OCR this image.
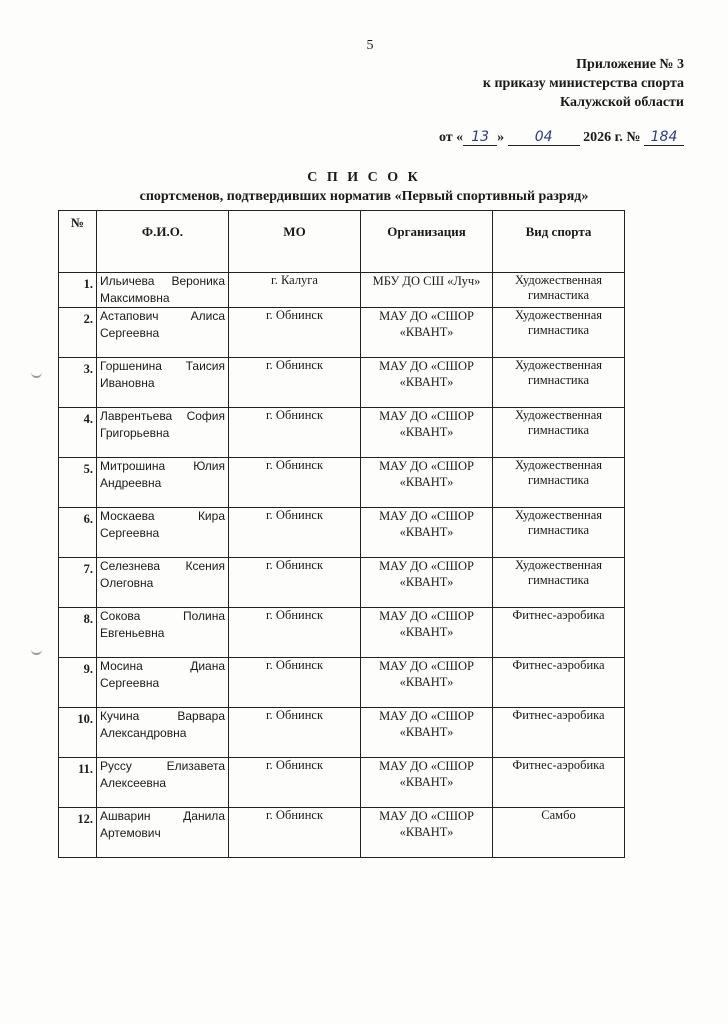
5
Приложение № 3
к приказу министерства спорта
Калужской области
от « 13 » 04 2026 г. № 184
С П И С О К
спортсменов, подтвердивших норматив «Первый спортивный разряд»
№	Ф.И.О.	МО	Организация	Вид спорта
1.	Ильичева Вероника Максимовна	г. Калуга	МБУ ДО СШ «Луч»	Художественная гимнастика
2.	Астапович Алиса Сергеевна	г. Обнинск	МАУ ДО «СШОР «КВАНТ»	Художественная гимнастика
3.	Горшенина Таисия Ивановна	г. Обнинск	МАУ ДО «СШОР «КВАНТ»	Художественная гимнастика
4.	Лаврентьева София Григорьевна	г. Обнинск	МАУ ДО «СШОР «КВАНТ»	Художественная гимнастика
5.	Митрошина Юлия Андреевна	г. Обнинск	МАУ ДО «СШОР «КВАНТ»	Художественная гимнастика
6.	Москаева Кира Сергеевна	г. Обнинск	МАУ ДО «СШОР «КВАНТ»	Художественная гимнастика
7.	Селезнева Ксения Олеговна	г. Обнинск	МАУ ДО «СШОР «КВАНТ»	Художественная гимнастика
8.	Сокова Полина Евгеньевна	г. Обнинск	МАУ ДО «СШОР «КВАНТ»	Фитнес-аэробика
9.	Мосина Диана Сергеевна	г. Обнинск	МАУ ДО «СШОР «КВАНТ»	Фитнес-аэробика
10.	Кучина Варвара Александровна	г. Обнинск	МАУ ДО «СШОР «КВАНТ»	Фитнес-аэробика
11.	Руссу Елизавета Алексеевна	г. Обнинск	МАУ ДО «СШОР «КВАНТ»	Фитнес-аэробика
12.	Ашварин Данила Артемович	г. Обнинск	МАУ ДО «СШОР «КВАНТ»	Самбо
